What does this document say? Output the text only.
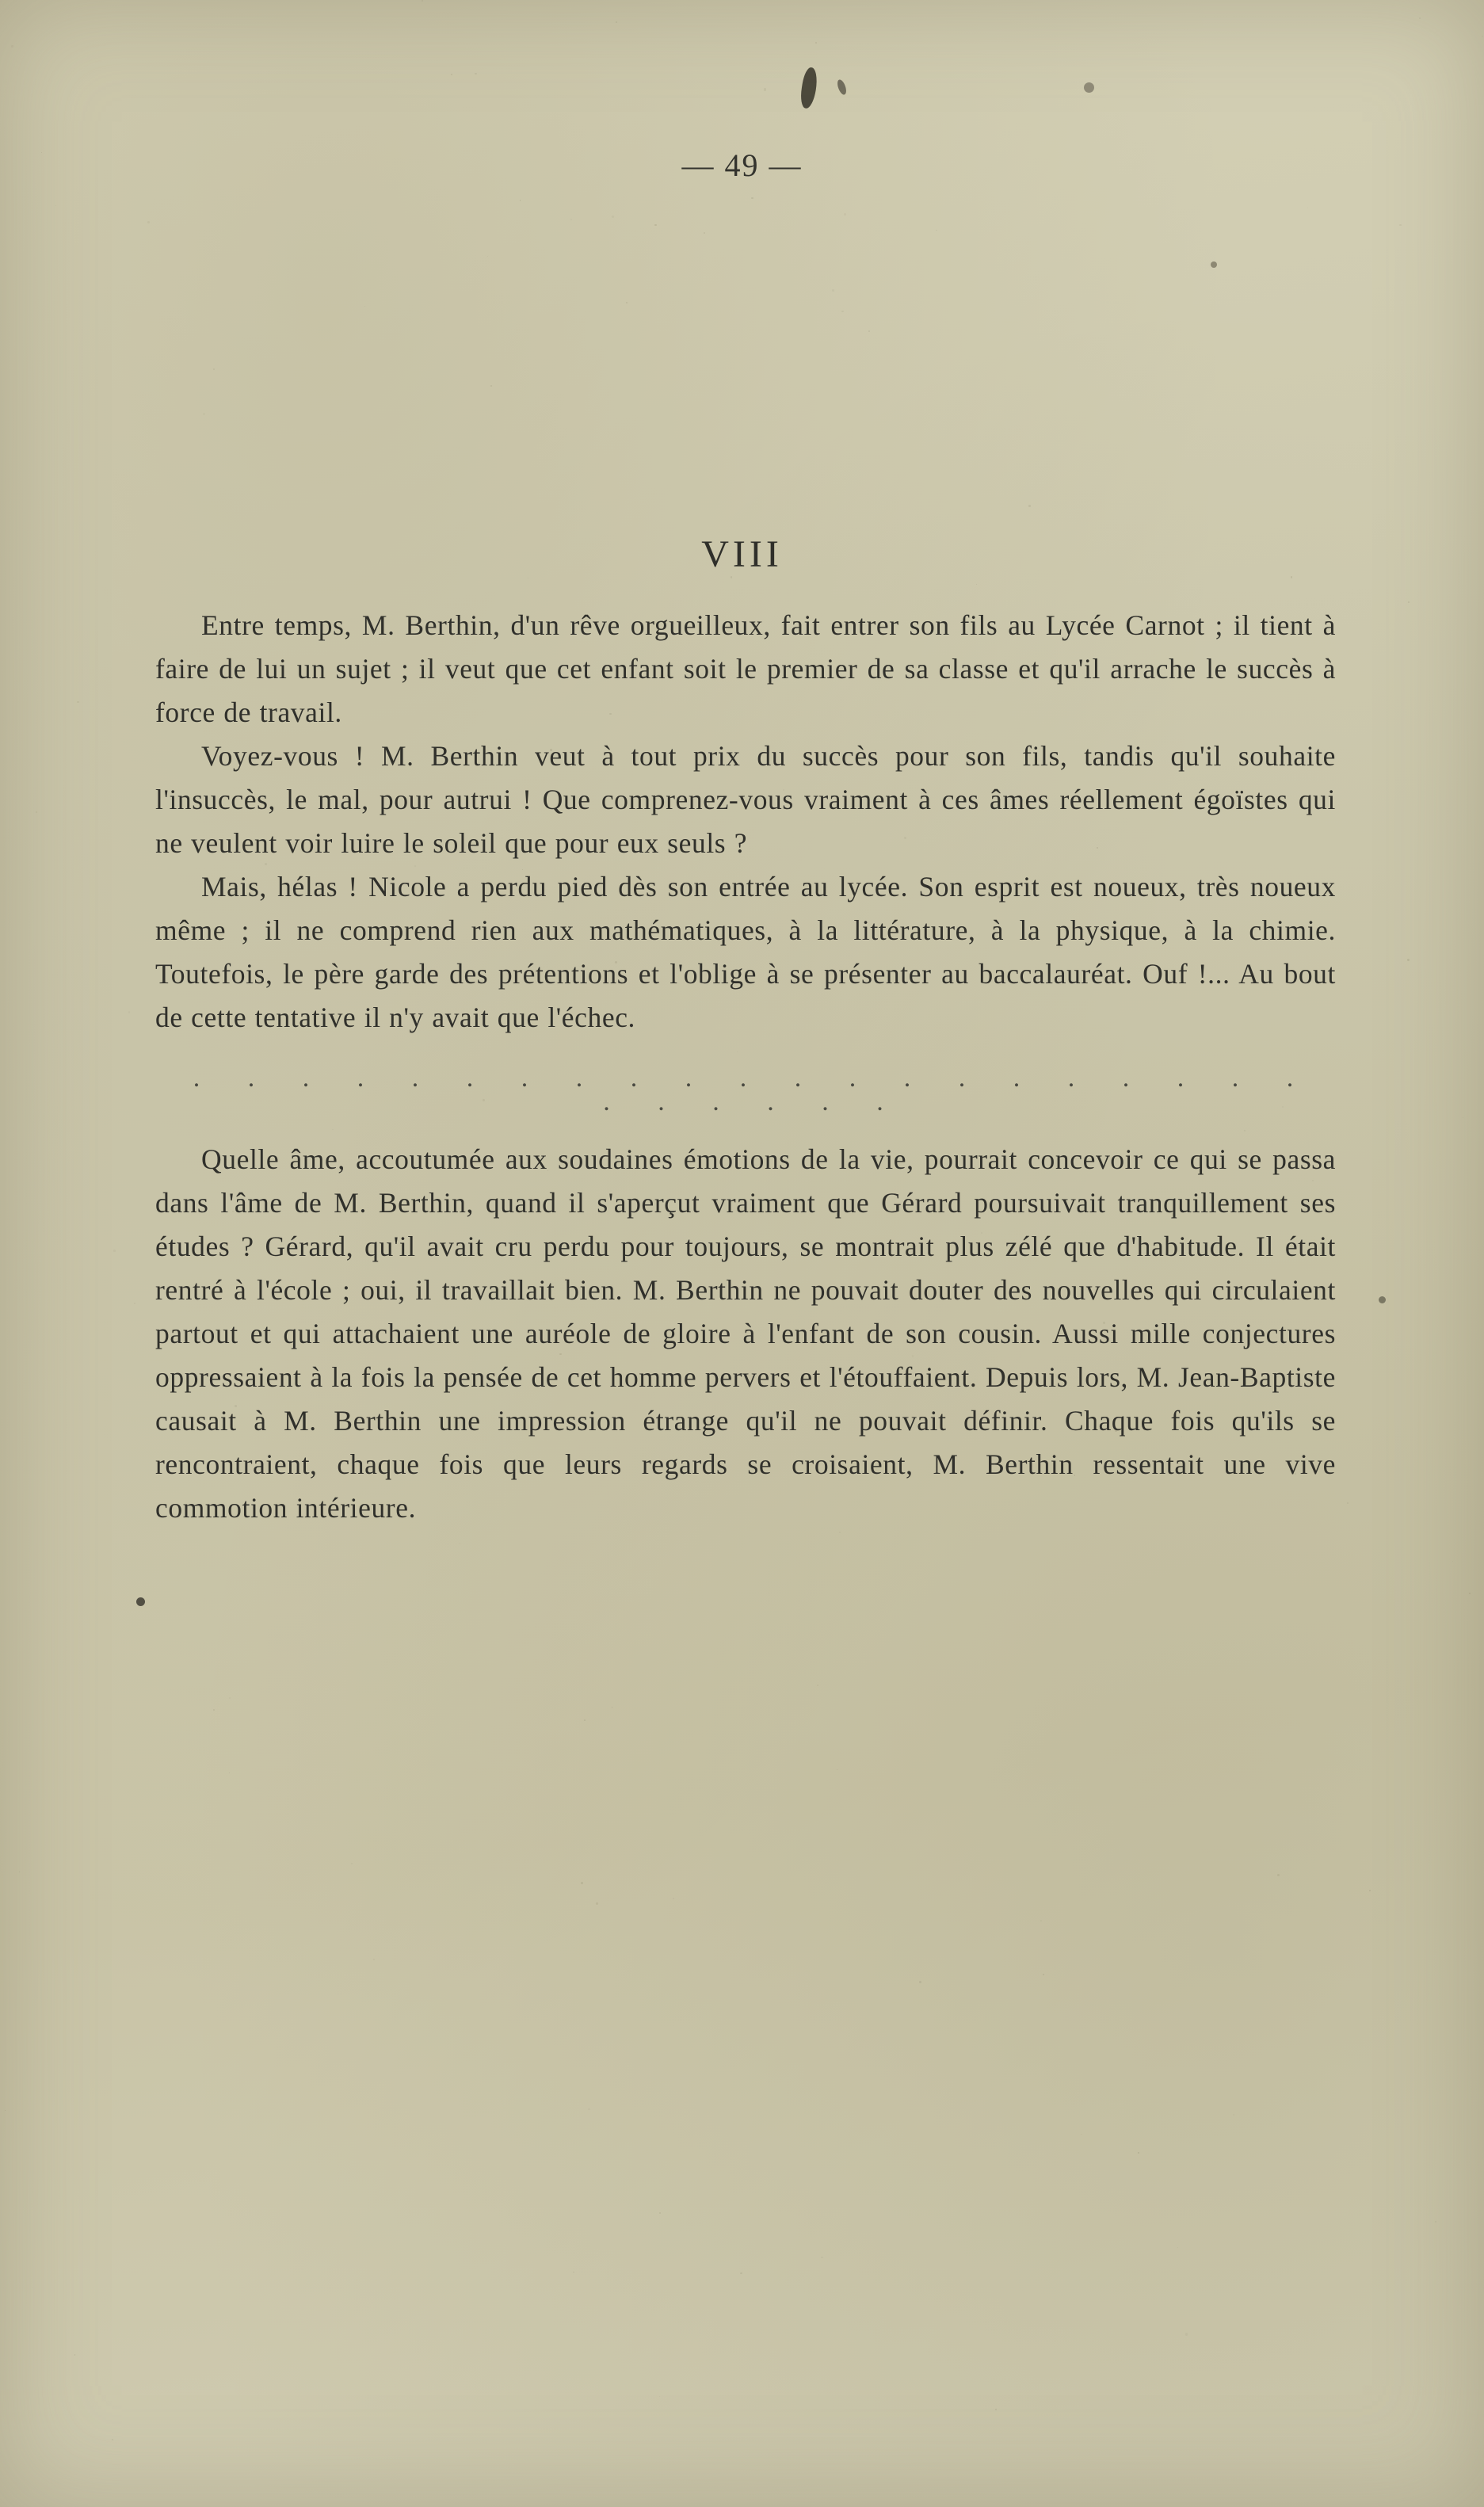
— 49 —
VIII

Entre temps, M. Berthin, d'un rêve orgueilleux, fait entrer son fils au Lycée Carnot ; il tient à faire de lui un sujet ; il veut que cet enfant soit le premier de sa classe et qu'il arrache le succès à force de travail.

Voyez-vous ! M. Berthin veut à tout prix du succès pour son fils, tandis qu'il souhaite l'insuccès, le mal, pour autrui ! Que comprenez-vous vraiment à ces âmes réellement égoïstes qui ne veulent voir luire le soleil que pour eux seuls ?

Mais, hélas ! Nicole a perdu pied dès son entrée au lycée. Son esprit est noueux, très noueux même ; il ne comprend rien aux mathématiques, à la littérature, à la physique, à la chimie. Toutefois, le père garde des prétentions et l'oblige à se présenter au baccalauréat. Ouf !... Au bout de cette tentative il n'y avait que l'échec.

. . . . . . . . . . . . . . . . . . . . . . . . . . .

Quelle âme, accoutumée aux soudaines émotions de la vie, pourrait concevoir ce qui se passa dans l'âme de M. Berthin, quand il s'aperçut vraiment que Gérard poursuivait tranquillement ses études ? Gérard, qu'il avait cru perdu pour toujours, se montrait plus zélé que d'habitude. Il était rentré à l'école ; oui, il travaillait bien. M. Berthin ne pouvait douter des nouvelles qui circulaient partout et qui attachaient une auréole de gloire à l'enfant de son cousin. Aussi mille conjectures oppressaient à la fois la pensée de cet homme pervers et l'étouffaient. Depuis lors, M. Jean-Baptiste causait à M. Berthin une impression étrange qu'il ne pouvait définir. Chaque fois qu'ils se rencontraient, chaque fois que leurs regards se croisaient, M. Berthin ressentait une vive commotion intérieure.
